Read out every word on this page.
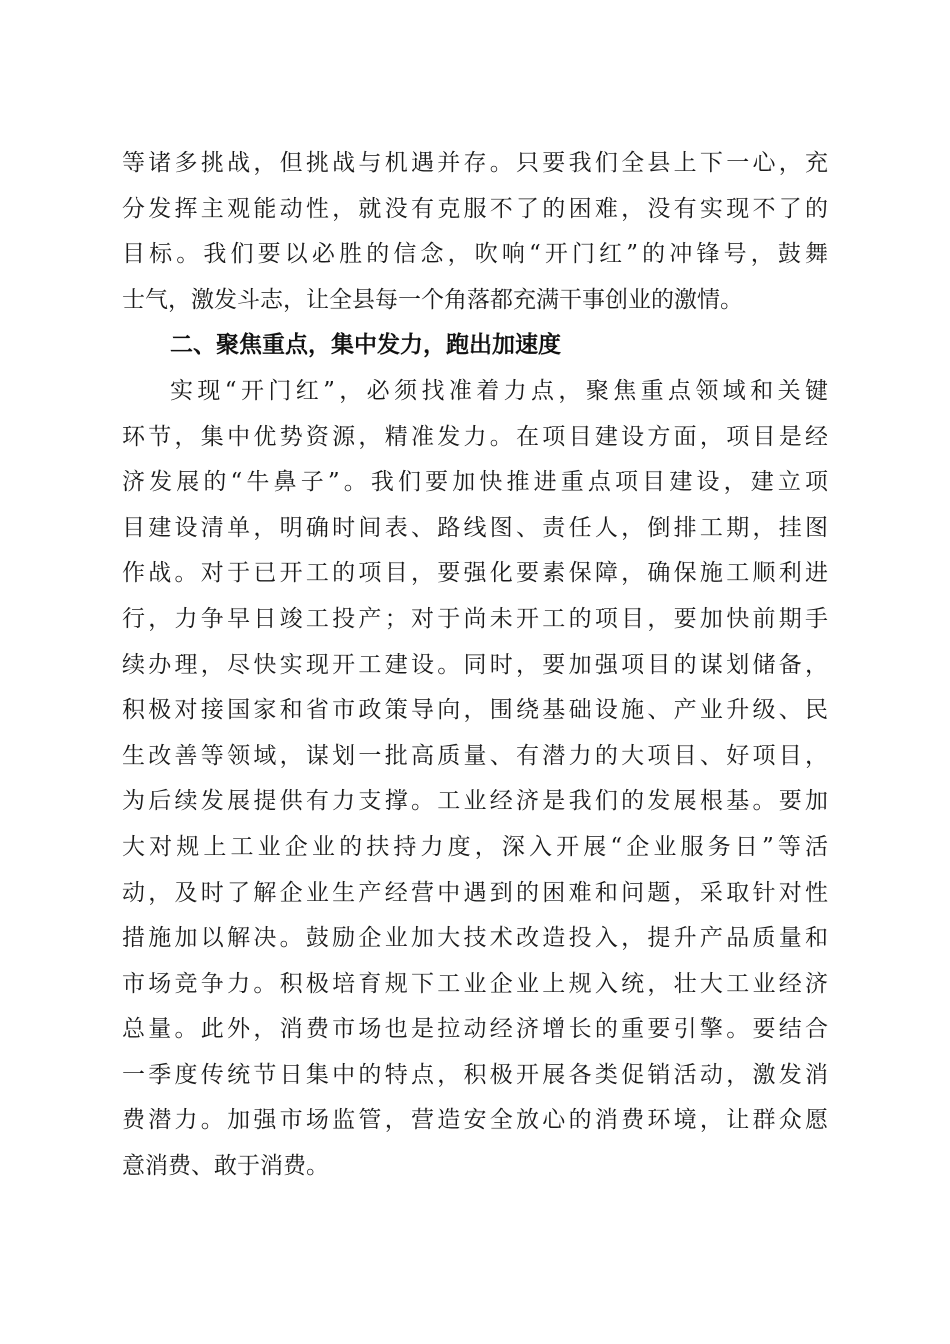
等诸多挑战，但挑战与机遇并存。只要我们全县上下一心，充
分发挥主观能动性，就没有克服不了的困难，没有实现不了的
目标。我们要以必胜的信念，吹响“开门红”的冲锋号，鼓舞
士气，激发斗志，让全县每一个角落都充满干事创业的激情。
二、聚焦重点，集中发力，跑出加速度
实现“开门红”，必须找准着力点，聚焦重点领域和关键
环节，集中优势资源，精准发力。在项目建设方面，项目是经
济发展的“牛鼻子”。我们要加快推进重点项目建设，建立项
目建设清单，明确时间表、路线图、责任人，倒排工期，挂图
作战。对于已开工的项目，要强化要素保障，确保施工顺利进
行，力争早日竣工投产；对于尚未开工的项目，要加快前期手
续办理，尽快实现开工建设。同时，要加强项目的谋划储备，
积极对接国家和省市政策导向，围绕基础设施、产业升级、民
生改善等领域，谋划一批高质量、有潜力的大项目、好项目，
为后续发展提供有力支撑。工业经济是我们的发展根基。要加
大对规上工业企业的扶持力度，深入开展“企业服务日”等活
动，及时了解企业生产经营中遇到的困难和问题，采取针对性
措施加以解决。鼓励企业加大技术改造投入，提升产品质量和
市场竞争力。积极培育规下工业企业上规入统，壮大工业经济
总量。此外，消费市场也是拉动经济增长的重要引擎。要结合
一季度传统节日集中的特点，积极开展各类促销活动，激发消
费潜力。加强市场监管，营造安全放心的消费环境，让群众愿
意消费、敢于消费。
